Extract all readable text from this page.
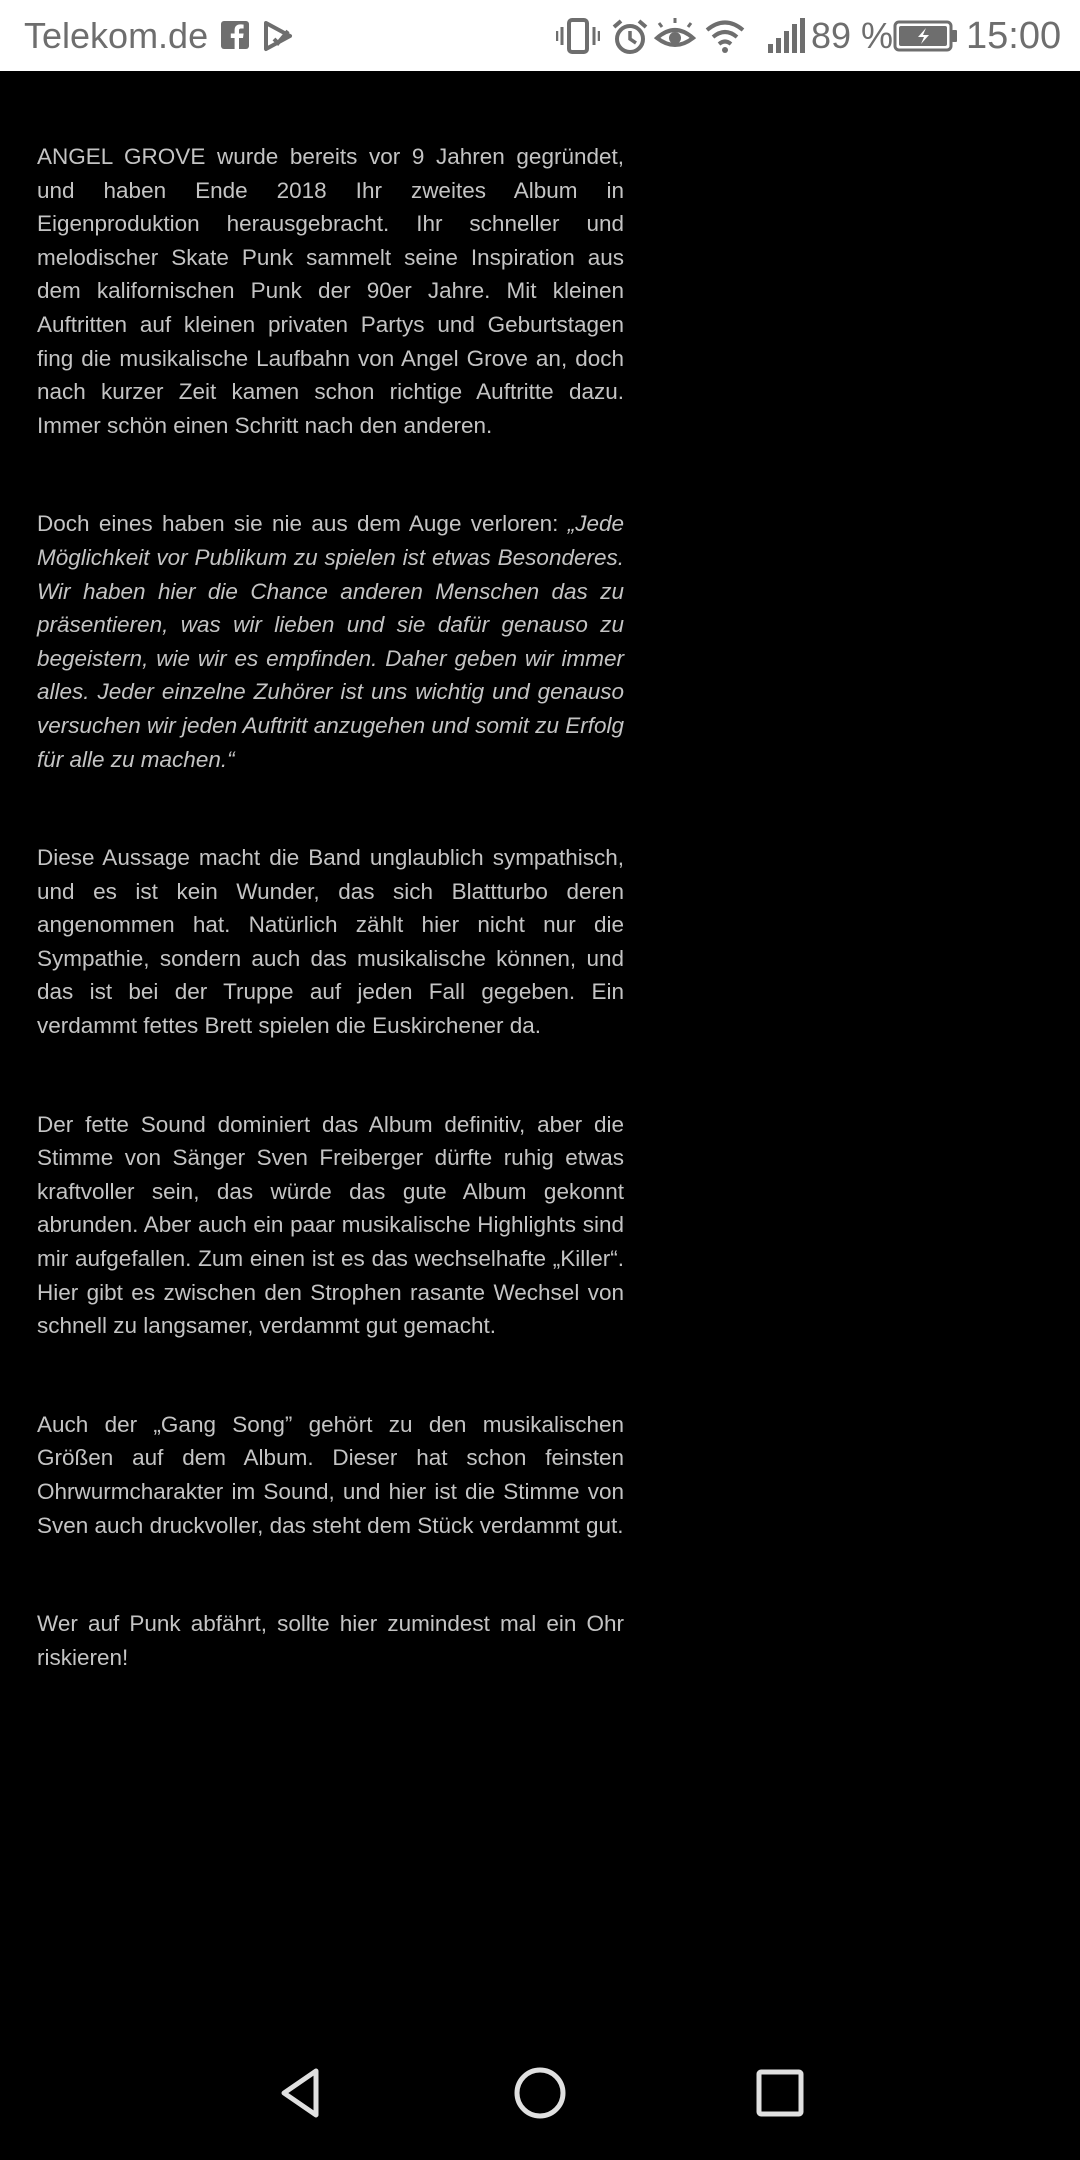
Telekom.de	89 % 15:00

ANGEL GROVE wurde bereits vor 9 Jahren gegründet, und haben Ende 2018 Ihr zweites Album in Eigenproduktion herausgebracht. Ihr schneller und melodischer Skate Punk sammelt seine Inspiration aus dem kalifornischen Punk der 90er Jahre. Mit kleinen Auftritten auf kleinen privaten Partys und Geburtstagen fing die musikalische Laufbahn von Angel Grove an, doch nach kurzer Zeit kamen schon richtige Auftritte dazu. Immer schön einen Schritt nach den anderen.

Doch eines haben sie nie aus dem Auge verloren: „Jede Möglichkeit vor Publikum zu spielen ist etwas Besonderes. Wir haben hier die Chance anderen Menschen das zu präsentieren, was wir lieben und sie dafür genauso zu begeistern, wie wir es empfinden. Daher geben wir immer alles. Jeder einzelne Zuhörer ist uns wichtig und genauso versuchen wir jeden Auftritt anzugehen und somit zu Erfolg für alle zu machen.“

Diese Aussage macht die Band unglaublich sympathisch, und es ist kein Wunder, das sich Blattturbo deren angenommen hat. Natürlich zählt hier nicht nur die Sympathie, sondern auch das musikalische können, und das ist bei der Truppe auf jeden Fall gegeben. Ein verdammt fettes Brett spielen die Euskirchener da.

Der fette Sound dominiert das Album definitiv, aber die Stimme von Sänger Sven Freiberger dürfte ruhig etwas kraftvoller sein, das würde das gute Album gekonnt abrunden. Aber auch ein paar musikalische Highlights sind mir aufgefallen. Zum einen ist es das wechselhafte „Killer“. Hier gibt es zwischen den Strophen rasante Wechsel von schnell zu langsamer, verdammt gut gemacht.

Auch der „Gang Song” gehört zu den musikalischen Größen auf dem Album. Dieser hat schon feinsten Ohrwurmcharakter im Sound, und hier ist die Stimme von Sven auch druckvoller, das steht dem Stück verdammt gut.

Wer auf Punk abfährt, sollte hier zumindest mal ein Ohr riskieren!
